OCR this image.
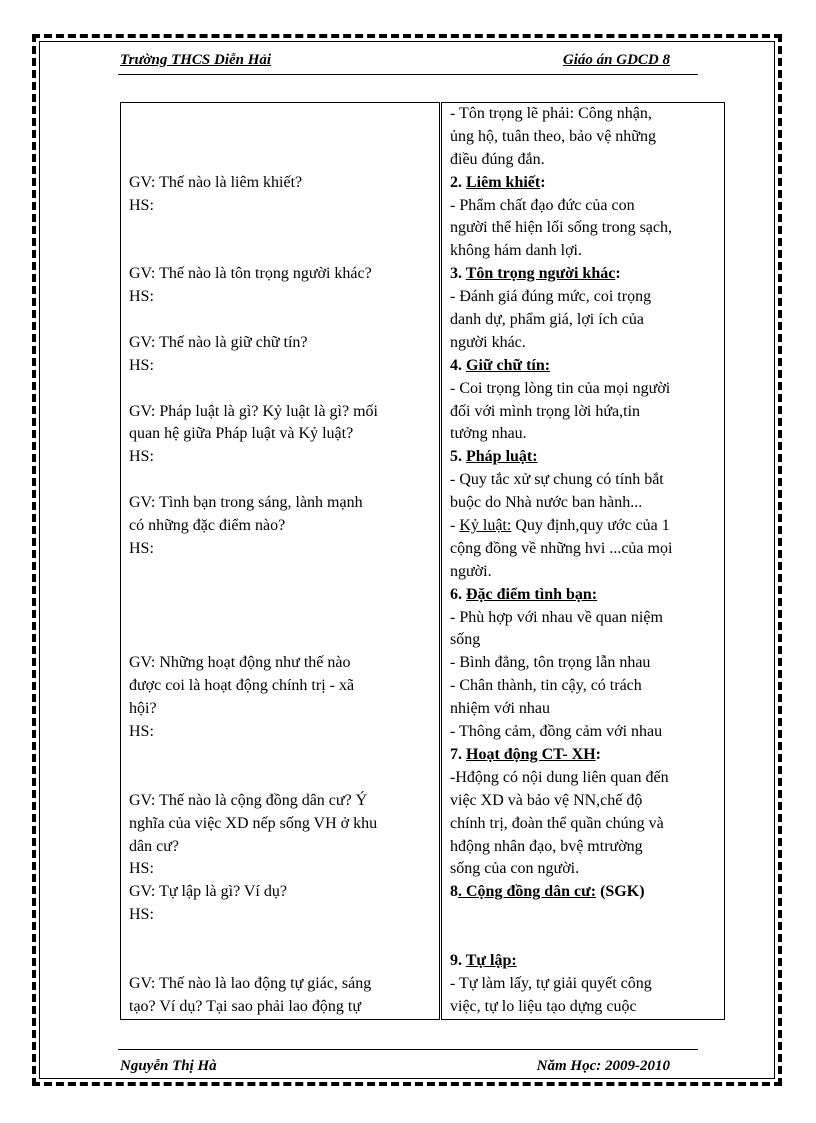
Trường THCS Diễn Hải	Giáo án GDCD 8
GV: Thế nào là liêm khiết?
HS:
GV: Thế nào là tôn trọng người khác?
HS:
GV: Thế nào là giữ chữ tín?
HS:
GV: Pháp luật là gì? Kỷ luật là gì? mối
quan hệ giữa Pháp luật và Kỷ luật?
HS:
GV: Tình bạn trong sáng, lành mạnh
có những đặc điểm nào?
HS:
GV: Những hoạt động như thế nào
được coi là hoạt động chính trị - xã
hội?
HS:
GV: Thế nào là cộng đồng dân cư? Ý
nghĩa của việc XD nếp sống VH ở khu
dân cư?
HS:
GV: Tự lập là gì? Ví dụ?
HS:
GV: Thế nào là lao động tự giác, sáng
tạo? Ví dụ? Tại sao phải lao động tự

- Tôn trọng lẽ phải: Công nhận,
ủng hộ, tuân theo, bảo vệ những
điều đúng đắn.
2. Liêm khiết:
- Phẩm chất đạo đức của con
người thể hiện lối sống trong sạch,
không hám danh lợi.
3. Tôn trọng người khác:
- Đánh giá đúng mức, coi trọng
danh dự, phẩm giá, lợi ích của
người khác.
4. Giữ chữ tín:
- Coi trọng lòng tin của mọi người
đối với mình trọng lời hứa,tin
tưởng nhau.
5. Pháp luật:
- Quy tắc xử sự chung có tính bắt
buộc do Nhà nước ban hành...
- Kỷ luật: Quy định,quy ước của 1
cộng đồng về những hvi ...của mọi
người.
6. Đặc điểm tình bạn:
- Phù hợp với nhau về quan niệm
sống
- Bình đẳng, tôn trọng lẫn nhau
- Chân thành, tin cậy, có trách
nhiệm với nhau
- Thông cảm, đồng cảm với nhau
7. Hoạt động CT- XH:
-Hđộng có nội dung liên quan đến
việc XD và bảo vệ NN,chế độ
chính trị, đoàn thể quần chúng và
hđộng nhân đạo, bvệ mtrường
sống của con người.
8. Cộng đồng dân cư: (SGK)
9. Tự lập:
- Tự làm lấy, tự giải quyết công
việc, tự lo liệu tạo dựng cuộc
Nguyễn Thị Hà	Năm Học: 2009-2010
